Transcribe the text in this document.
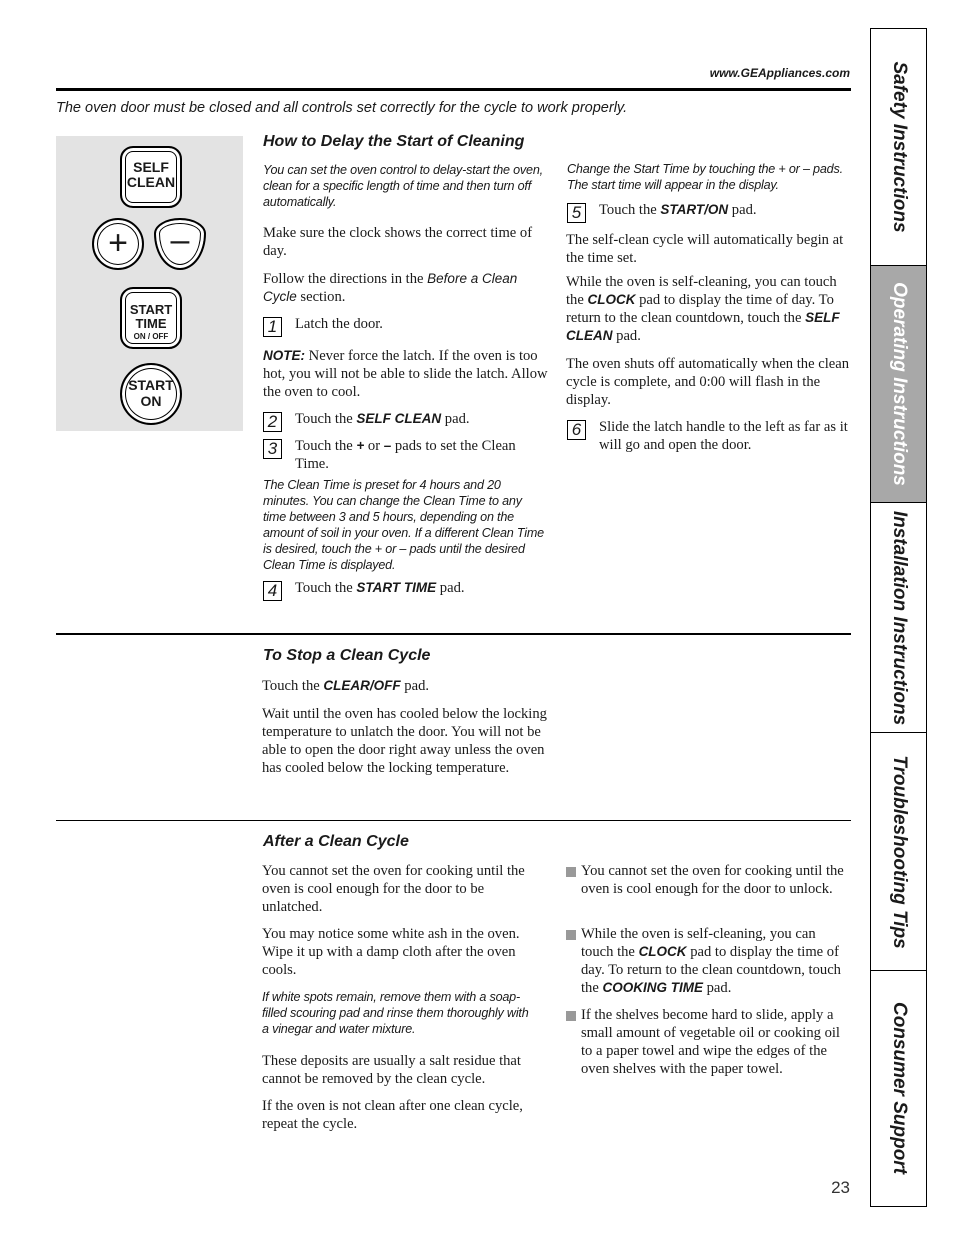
www.GEAppliances.com
The oven door must be closed and all controls set correctly for the cycle to work properly.
SELF
CLEAN
+	–
START
TIME
ON / OFF
START
ON
How to Delay the Start of Cleaning
You can set the oven control to delay-start the oven, clean for a specific length of time and then turn off automatically.

Make sure the clock shows the correct time of day.

Follow the directions in the Before a Clean Cycle section.

1	Latch the door.

NOTE: Never force the latch. If the oven is too hot, you will not be able to slide the latch. Allow the oven to cool.

2	Touch the SELF CLEAN pad.
3	Touch the + or – pads to set the Clean Time.
The Clean Time is preset for 4 hours and 20 minutes. You can change the Clean Time to any time between 3 and 5 hours, depending on the amount of soil in your oven. If a different Clean Time is desired, touch the + or – pads until the desired Clean Time is displayed.
4	Touch the START TIME pad.
Change the Start Time by touching the + or – pads. The start time will appear in the display.
5	Touch the START/ON pad.

The self-clean cycle will automatically begin at the time set.

While the oven is self-cleaning, you can touch the CLOCK pad to display the time of day. To return to the clean countdown, touch the SELF CLEAN pad.

The oven shuts off automatically when the clean cycle is complete, and 0:00 will flash in the display.

6	Slide the latch handle to the left as far as it will go and open the door.
To Stop a Clean Cycle

Touch the CLEAR/OFF pad.

Wait until the oven has cooled below the locking temperature to unlatch the door. You will not be able to open the door right away unless the oven has cooled below the locking temperature.

After a Clean Cycle

You cannot set the oven for cooking until the oven is cool enough for the door to be unlatched.

You may notice some white ash in the oven. Wipe it up with a damp cloth after the oven cools.

If white spots remain, remove them with a soap-filled scouring pad and rinse them thoroughly with a vinegar and water mixture.

These deposits are usually a salt residue that cannot be removed by the clean cycle.

If the oven is not clean after one clean cycle, repeat the cycle.

You cannot set the oven for cooking until the oven is cool enough for the door to unlock.
While the oven is self-cleaning, you can touch the CLOCK pad to display the time of day. To return to the clean countdown, touch the COOKING TIME pad.
If the shelves become hard to slide, apply a small amount of vegetable oil or cooking oil to a paper towel and wipe the edges of the oven shelves with the paper towel.
23
Safety Instructions
Operating Instructions
Installation Instructions
Troubleshooting Tips
Consumer Support
